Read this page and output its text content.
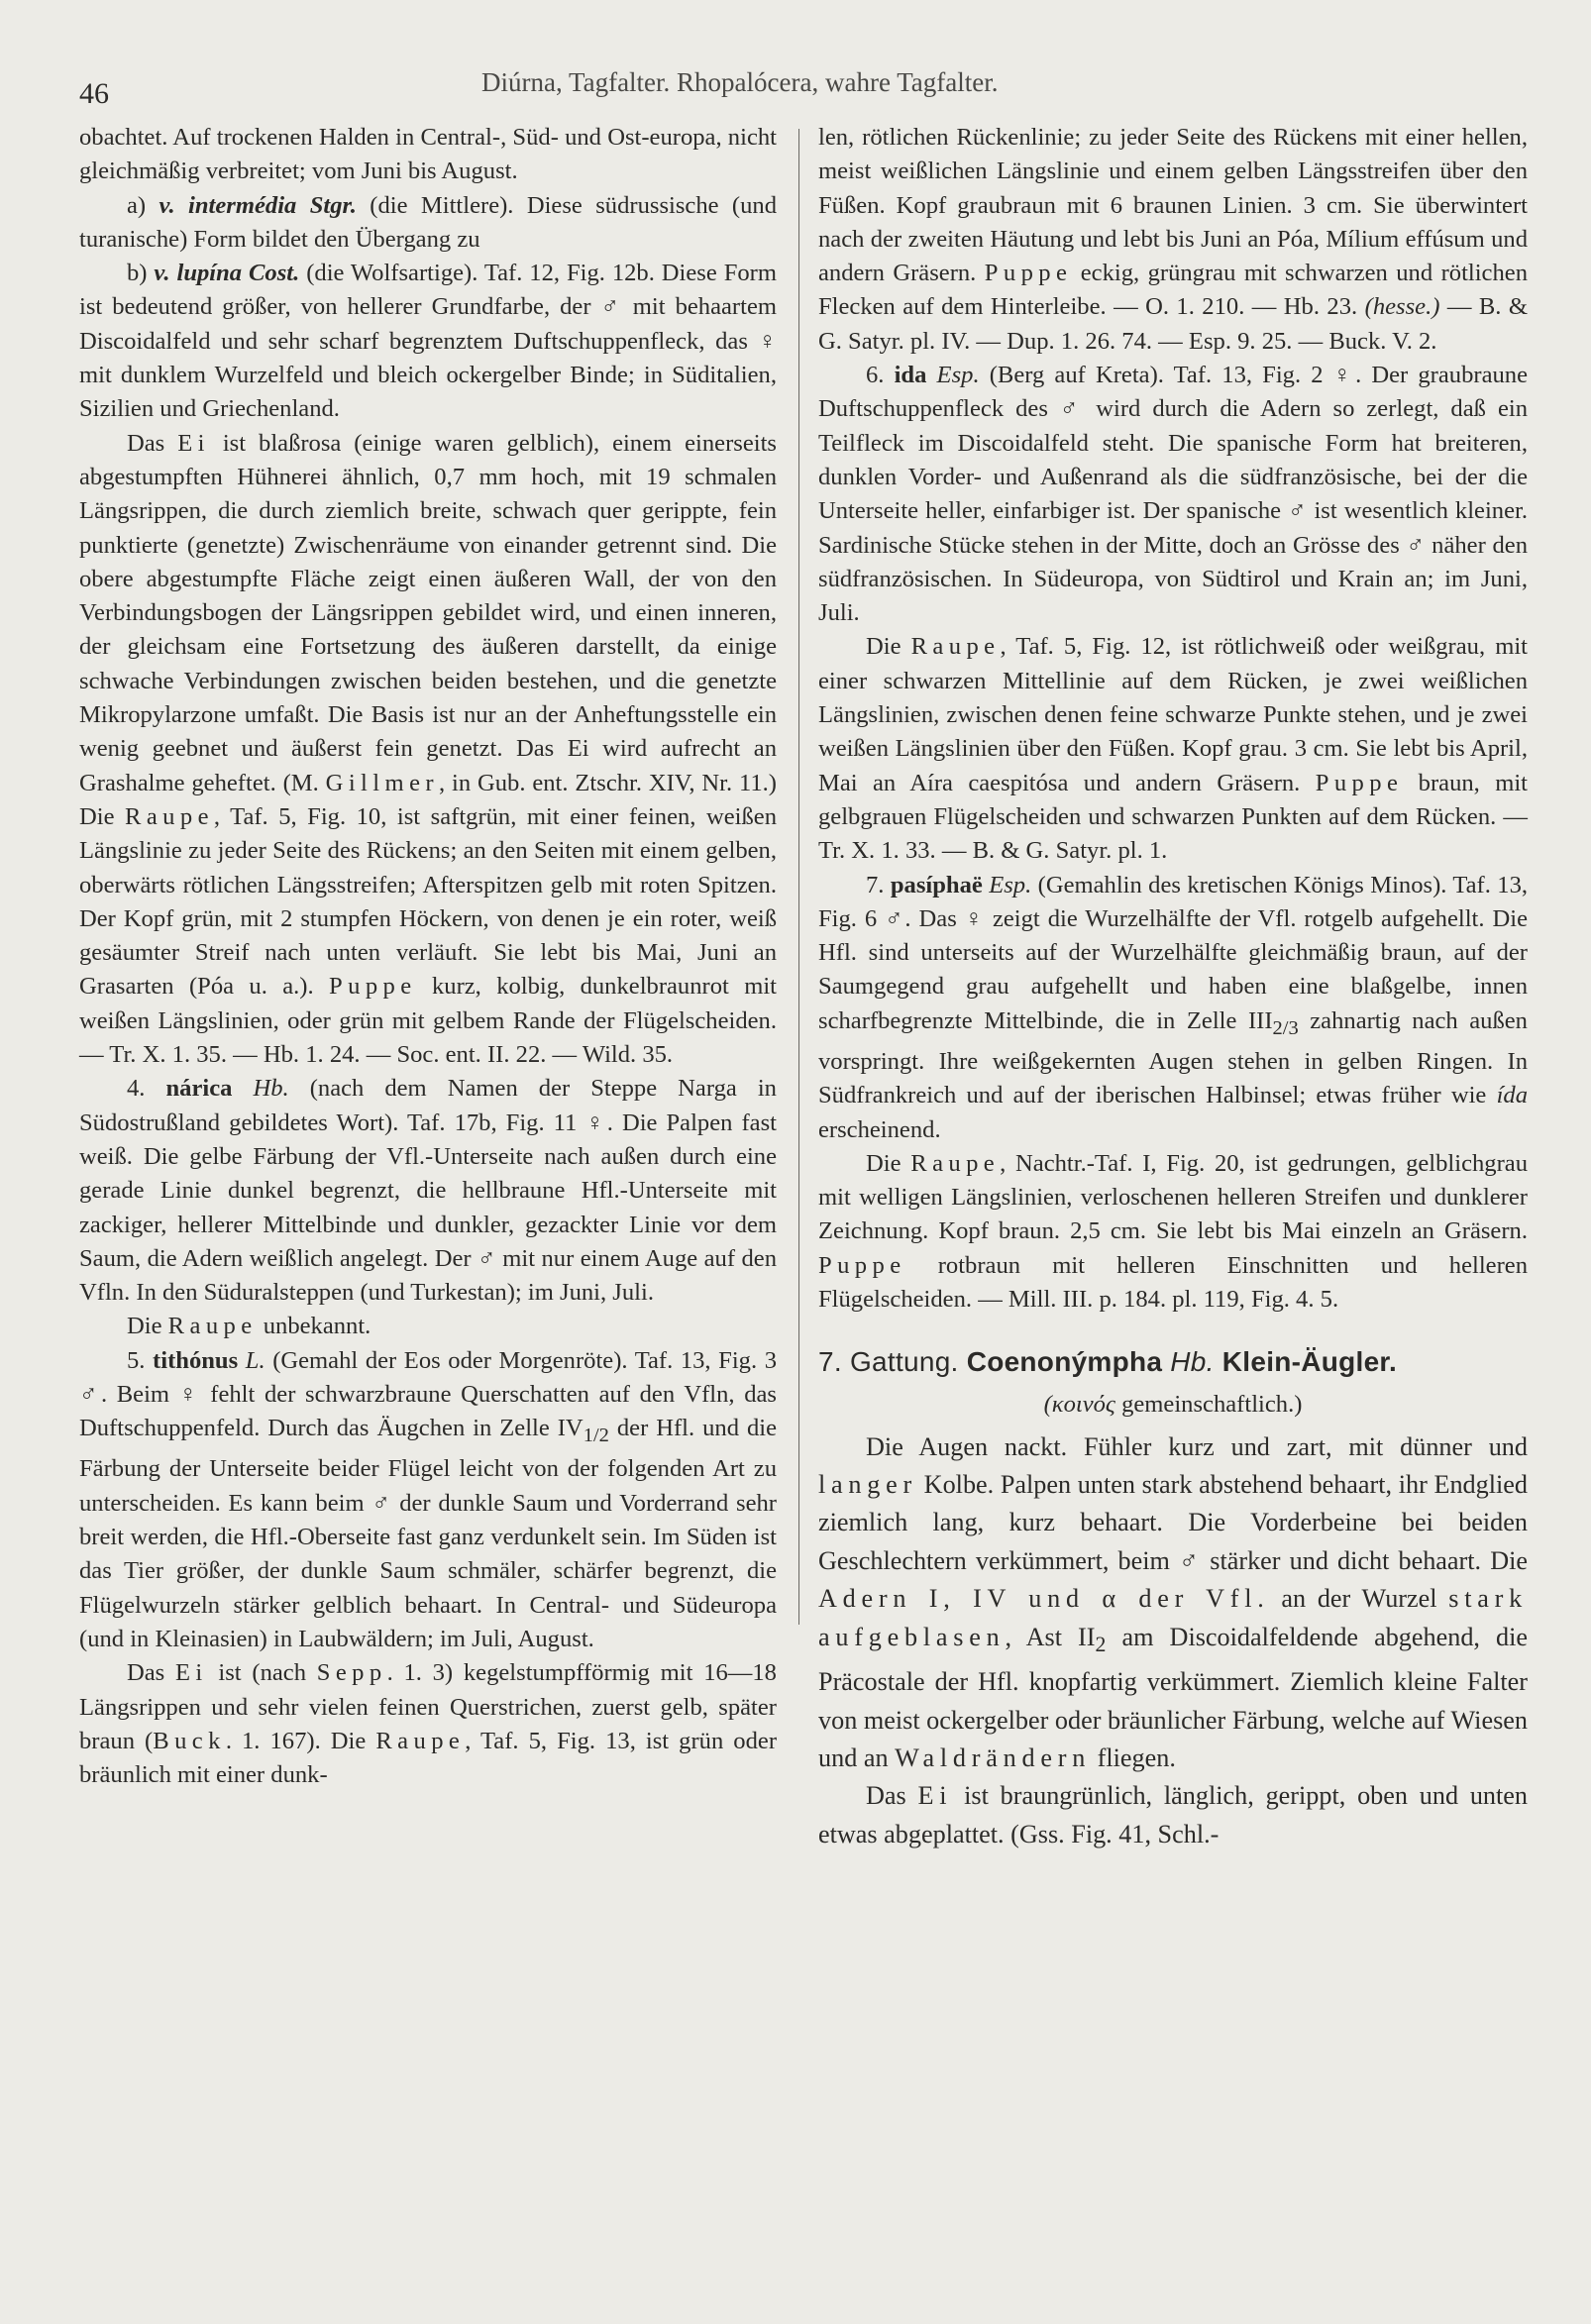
46	Diúrna, Tagfalter. Rhopalócera, wahre Tagfalter.

obachtet. Auf trockenen Halden in Central-, Süd- und Ost-europa, nicht gleichmäßig verbreitet; vom Juni bis August.

a) v. intermédia Stgr. (die Mittlere). Diese südrussische (und turanische) Form bildet den Übergang zu

b) v. lupína Cost. (die Wolfsartige). Taf. 12, Fig. 12b. Diese Form ist bedeutend größer, von hellerer Grundfarbe, der ♂ mit behaartem Discoidalfeld und sehr scharf begrenztem Duftschuppenfleck, das ♀ mit dunklem Wurzelfeld und bleich ockergelber Binde; in Süditalien, Sizilien und Griechenland.

Das Ei ist blaßrosa (einige waren gelblich), einem einerseits abgestumpften Hühnerei ähnlich, 0,7 mm hoch, mit 19 schmalen Längsrippen, die durch ziemlich breite, schwach quer gerippte, fein punktierte (genetzte) Zwischenräume von einander getrennt sind. Die obere abgestumpfte Fläche zeigt einen äußeren Wall, der von den Verbindungsbogen der Längsrippen gebildet wird, und einen inneren, der gleichsam eine Fortsetzung des äußeren darstellt, da einige schwache Verbindungen zwischen beiden bestehen, und die genetzte Mikropylarzone umfaßt. Die Basis ist nur an der Anheftungsstelle ein wenig geebnet und äußerst fein genetzt. Das Ei wird aufrecht an Grashalme geheftet. (M. Gillmer, in Gub. ent. Ztschr. XIV, Nr. 11.) Die Raupe, Taf. 5, Fig. 10, ist saftgrün, mit einer feinen, weißen Längslinie zu jeder Seite des Rückens; an den Seiten mit einem gelben, oberwärts rötlichen Längsstreifen; Afterspitzen gelb mit roten Spitzen. Der Kopf grün, mit 2 stumpfen Höckern, von denen je ein roter, weiß gesäumter Streif nach unten verläuft. Sie lebt bis Mai, Juni an Grasarten (Póa u. a.). Puppe kurz, kolbig, dunkelbraunrot mit weißen Längslinien, oder grün mit gelbem Rande der Flügelscheiden. — Tr. X. 1. 35. — Hb. 1. 24. — Soc. ent. II. 22. — Wild. 35.

4. nárica Hb. (nach dem Namen der Steppe Narga in Südostrußland gebildetes Wort). Taf. 17b, Fig. 11 ♀. Die Palpen fast weiß. Die gelbe Färbung der Vfl.-Unterseite nach außen durch eine gerade Linie dunkel begrenzt, die hellbraune Hfl.-Unterseite mit zackiger, hellerer Mittelbinde und dunkler, gezackter Linie vor dem Saum, die Adern weißlich angelegt. Der ♂ mit nur einem Auge auf den Vfln. In den Süduralsteppen (und Turkestan); im Juni, Juli.

Die Raupe unbekannt.

5. tithónus L. (Gemahl der Eos oder Morgenröte). Taf. 13, Fig. 3 ♂. Beim ♀ fehlt der schwarzbraune Querschatten auf den Vfln, das Duftschuppenfeld. Durch das Äugchen in Zelle $IV_{1/2}$ der Hfl. und die Färbung der Unterseite beider Flügel leicht von der folgenden Art zu unterscheiden. Es kann beim ♂ der dunkle Saum und Vorderrand sehr breit werden, die Hfl.-Oberseite fast ganz verdunkelt sein. Im Süden ist das Tier größer, der dunkle Saum schmäler, schärfer begrenzt, die Flügelwurzeln stärker gelblich behaart. In Central- und Südeuropa (und in Kleinasien) in Laubwäldern; im Juli, August.

Das Ei ist (nach Sepp. 1. 3) kegelstumpfförmig mit 16—18 Längsrippen und sehr vielen feinen Querstrichen, zuerst gelb, später braun (Buck. 1. 167). Die Raupe, Taf. 5, Fig. 13, ist grün oder bräunlich mit einer dunk-

len, rötlichen Rückenlinie; zu jeder Seite des Rückens mit einer hellen, meist weißlichen Längslinie und einem gelben Längsstreifen über den Füßen. Kopf graubraun mit 6 braunen Linien. 3 cm. Sie überwintert nach der zweiten Häutung und lebt bis Juni an Póa, Mílium effúsum und andern Gräsern. Puppe eckig, grüngrau mit schwarzen und rötlichen Flecken auf dem Hinterleibe. — O. 1. 210. — Hb. 23. (hesse.) — B. & G. Satyr. pl. IV. — Dup. 1. 26. 74. — Esp. 9. 25. — Buck. V. 2.

6. ida Esp. (Berg auf Kreta). Taf. 13, Fig. 2 ♀. Der graubraune Duftschuppenfleck des ♂ wird durch die Adern so zerlegt, daß ein Teilfleck im Discoidalfeld steht. Die spanische Form hat breiteren, dunklen Vorder- und Außenrand als die südfranzösische, bei der die Unterseite heller, einfarbiger ist. Der spanische ♂ ist wesentlich kleiner. Sardinische Stücke stehen in der Mitte, doch an Grösse des ♂ näher den südfranzösischen. In Südeuropa, von Südtirol und Krain an; im Juni, Juli.

Die Raupe, Taf. 5, Fig. 12, ist rötlichweiß oder weißgrau, mit einer schwarzen Mittellinie auf dem Rücken, je zwei weißlichen Längslinien, zwischen denen feine schwarze Punkte stehen, und je zwei weißen Längslinien über den Füßen. Kopf grau. 3 cm. Sie lebt bis April, Mai an Aíra caespitósa und andern Gräsern. Puppe braun, mit gelbgrauen Flügelscheiden und schwarzen Punkten auf dem Rücken. — Tr. X. 1. 33. — B. & G. Satyr. pl. 1.

7. pasíphaë Esp. (Gemahlin des kretischen Königs Minos). Taf. 13, Fig. 6 ♂. Das ♀ zeigt die Wurzelhälfte der Vfl. rotgelb aufgehellt. Die Hfl. sind unterseits auf der Wurzelhälfte gleichmäßig braun, auf der Saumgegend grau aufgehellt und haben eine blaßgelbe, innen scharfbegrenzte Mittelbinde, die in Zelle $III_{2/3}$ zahnartig nach außen vorspringt. Ihre weißgekernten Augen stehen in gelben Ringen. In Südfrankreich und auf der iberischen Halbinsel; etwas früher wie ída erscheinend.

Die Raupe, Nachtr.-Taf. I, Fig. 20, ist gedrungen, gelblichgrau mit welligen Längslinien, verloschenen helleren Streifen und dunklerer Zeichnung. Kopf braun. 2,5 cm. Sie lebt bis Mai einzeln an Gräsern. Puppe rotbraun mit helleren Einschnitten und helleren Flügelscheiden. — Mill. III. p. 184. pl. 119, Fig. 4. 5.

7. Gattung. Coenonýmpha Hb. Klein-Äugler.

(κοινός gemeinschaftlich.)

Die Augen nackt. Fühler kurz und zart, mit dünner und langer Kolbe. Palpen unten stark abstehend behaart, ihr Endglied ziemlich lang, kurz behaart. Die Vorderbeine bei beiden Geschlechtern verkümmert, beim ♂ stärker und dicht behaart. Die Adern I, IV und α der Vfl. an der Wurzel stark aufgeblasen, Ast $II_2$ am Discoidalfeldende abgehend, die Präcostale der Hfl. knopfartig verkümmert. Ziemlich kleine Falter von meist ockergelber oder bräunlicher Färbung, welche auf Wiesen und an Waldrändern fliegen.

Das Ei ist braungrünlich, länglich, gerippt, oben und unten etwas abgeplattet. (Gss. Fig. 41, Schl.-
